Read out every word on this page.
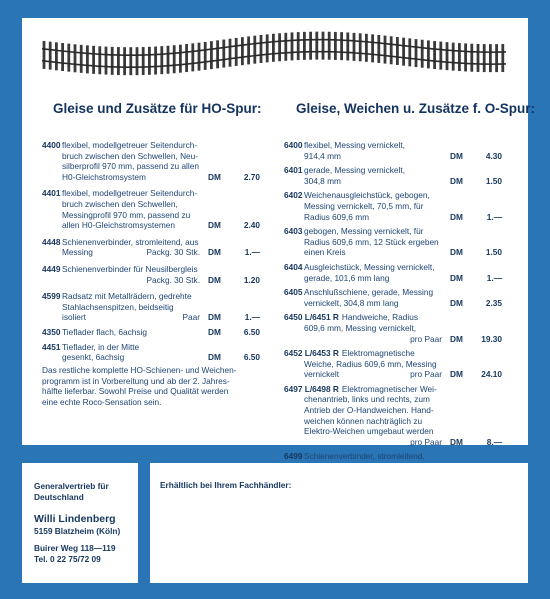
Gleise und Zusätze für HO-Spur:	Gleise, Weichen u. Zusätze f. O-Spur:
4400 flexibel, modellgetreuer Seitendurch-
bruch zwischen den Schwellen, Neu-
silberprofil 970 mm, passend zu allen
H0-Gleichstromsystem	DM	2.70
4401 flexibel, modellgetreuer Seitendurch-
bruch zwischen den Schwellen,
Messingprofil 970 mm, passend zu
allen H0-Gleichstromsystemen	DM	2.40
4448 Schienenverbinder, stromleitend, aus
Messing	Packg. 30 Stk. DM	1.—
4449 Schienenverbinder für Neusilbergleis
Packg. 30 Stk. DM	1.20
4599 Radsatz mit Metallrädern, gedrehte
Stahlachsenspitzen, beidseitig
isoliert	Paar DM	1.—
4350 Tieflader flach, 6achsig	DM	6.50
4451 Tieflader, in der Mitte
gesenkt, 6achsig	DM	6.50
6400 flexibel, Messing vernickelt,
914,4 mm	DM	4.30
6401 gerade, Messing vernickelt,
304,8 mm	DM	1.50
6402 Weichenausgleichstück, gebogen,
Messing vernickelt, 70,5 mm, für
Radius 609,6 mm	DM	1.—
6403 gebogen, Messing vernickelt, für
Radius 609,6 mm, 12 Stück ergeben
einen Kreis	DM	1.50
6404 Ausgleichstück, Messing vernickelt,
gerade, 101,6 mm lang	DM	1.—
6405 Anschlußschiene, gerade, Messing
vernickelt, 304,8 mm lang	DM	2.35
6450 L/6451 R Handweiche, Radius
609,6 mm, Messing vernickelt,
pro Paar DM	19.30
6452 L/6453 R Elektromagnetische
Weiche, Radius 609,6 mm, Messing
vernickelt	pro Paar DM	24.10
6497 L/6498 R Elektromagnetischer Wei-
chenantrieb, links und rechts, zum
Antrieb der O-Handweichen. Hand-
weichen können nachträglich zu
Elektro-Weichen umgebaut werden
pro Paar DM	8.—
6499 Schienenverbinder, stromleitend,
Das restliche komplette HO-Schienen- und Weichen-
programm ist in Vorbereitung und ab der 2. Jahres-
hälfte lieferbar. Sowohl Preise und Qualität werden
eine echte Roco-Sensation sein.
Generalvertrieb für
Deutschland
Willi Lindenberg
5159 Blatzheim (Köln)
Buirer Weg 118—119
Tel. 0 22 75/72 09
Erhältlich bei Ihrem Fachhändler:
